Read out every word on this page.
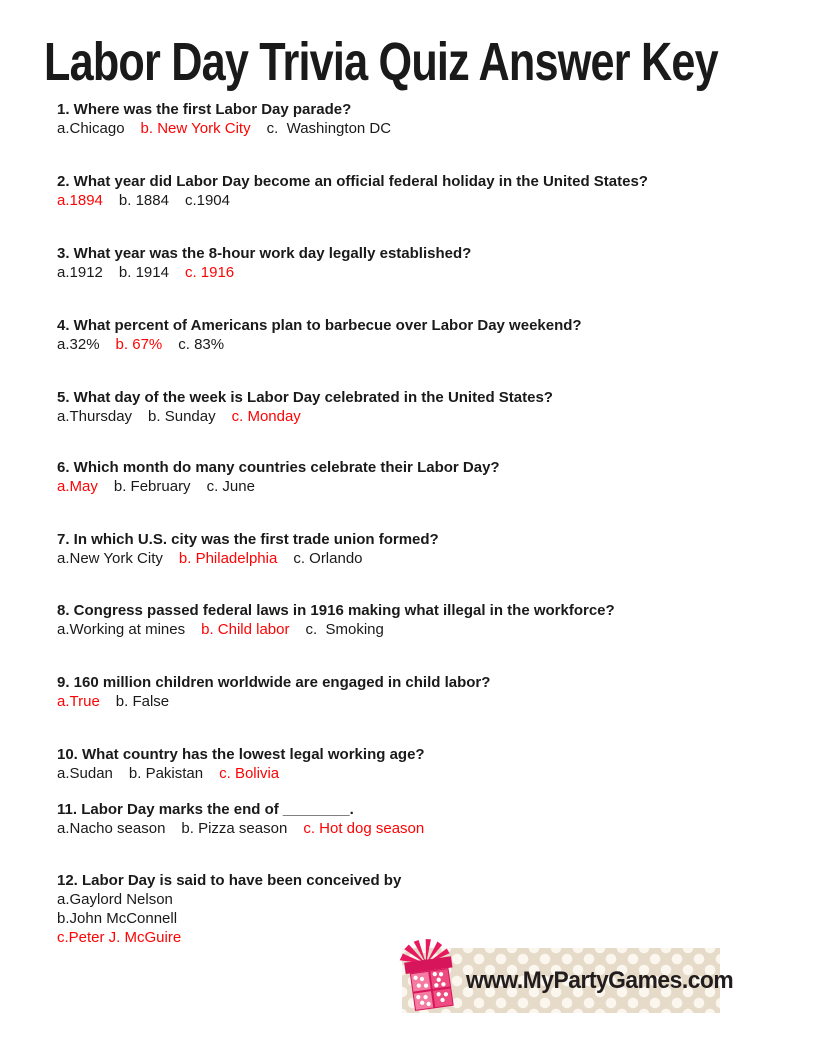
Labor Day Trivia Quiz Answer Key
1. Where was the first Labor Day parade?
a.Chicago b. New York City c.  Washington DC
2. What year did Labor Day become an official federal holiday in the United States?
a.1894 b. 1884 c.1904
3. What year was the 8-hour work day legally established?
a.1912 b. 1914 c. 1916
4. What percent of Americans plan to barbecue over Labor Day weekend?
a.32% b. 67% c. 83%
5. What day of the week is Labor Day celebrated in the United States?
a.Thursday b. Sunday c. Monday
6. Which month do many countries celebrate their Labor Day?
a.May b. February c. June
7. In which U.S. city was the first trade union formed?
a.New York City b. Philadelphia c. Orlando
8. Congress passed federal laws in 1916 making what illegal in the workforce?
a.Working at mines b. Child labor c.  Smoking
9. 160 million children worldwide are engaged in child labor?
a.True b. False
10. What country has the lowest legal working age?
a.Sudan b. Pakistan c. Bolivia
11. Labor Day marks the end of ________.
a.Nacho season b. Pizza season c. Hot dog season
12. Labor Day is said to have been conceived by
a.Gaylord Nelson
b.John McConnell
c.Peter J. McGuire
www.MyPartyGames.com
